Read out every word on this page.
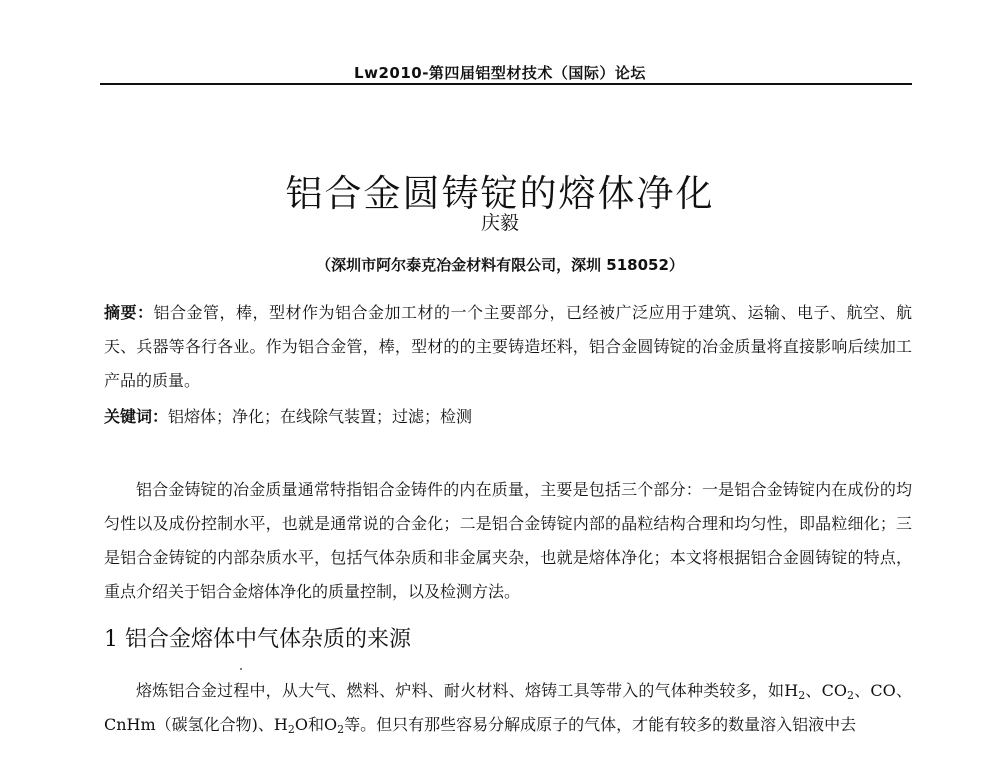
Lw2010-第四届铝型材技术（国际）论坛
铝合金圆铸锭的熔体净化
庆毅
（深圳市阿尔泰克冶金材料有限公司，深圳 518052）

摘要：铝合金管，棒，型材作为铝合金加工材的一个主要部分，已经被广泛应用于建筑、运输、电子、航空、航天、兵器等各行各业。作为铝合金管，棒，型材的的主要铸造坯料，铝合金圆铸锭的冶金质量将直接影响后续加工产品的质量。

关键词：铝熔体；净化；在线除气装置；过滤；检测

铝合金铸锭的冶金质量通常特指铝合金铸件的内在质量，主要是包括三个部分：一是铝合金铸锭内在成份的均匀性以及成份控制水平，也就是通常说的合金化；二是铝合金铸锭内部的晶粒结构合理和均匀性，即晶粒细化；三是铝合金铸锭的内部杂质水平，包括气体杂质和非金属夹杂，也就是熔体净化；本文将根据铝合金圆铸锭的特点，重点介绍关于铝合金熔体净化的质量控制，以及检测方法。

1 铝合金熔体中气体杂质的来源

熔炼铝合金过程中，从大气、燃料、炉料、耐火材料、熔铸工具等带入的气体种类较多，如$H_2$、$CO_2$、CO、CnHm（碳氢化合物)、$H_2O$和$O_2$等。但只有那些容易分解成原子的气体，才能有较多的数量溶入铝液中去
